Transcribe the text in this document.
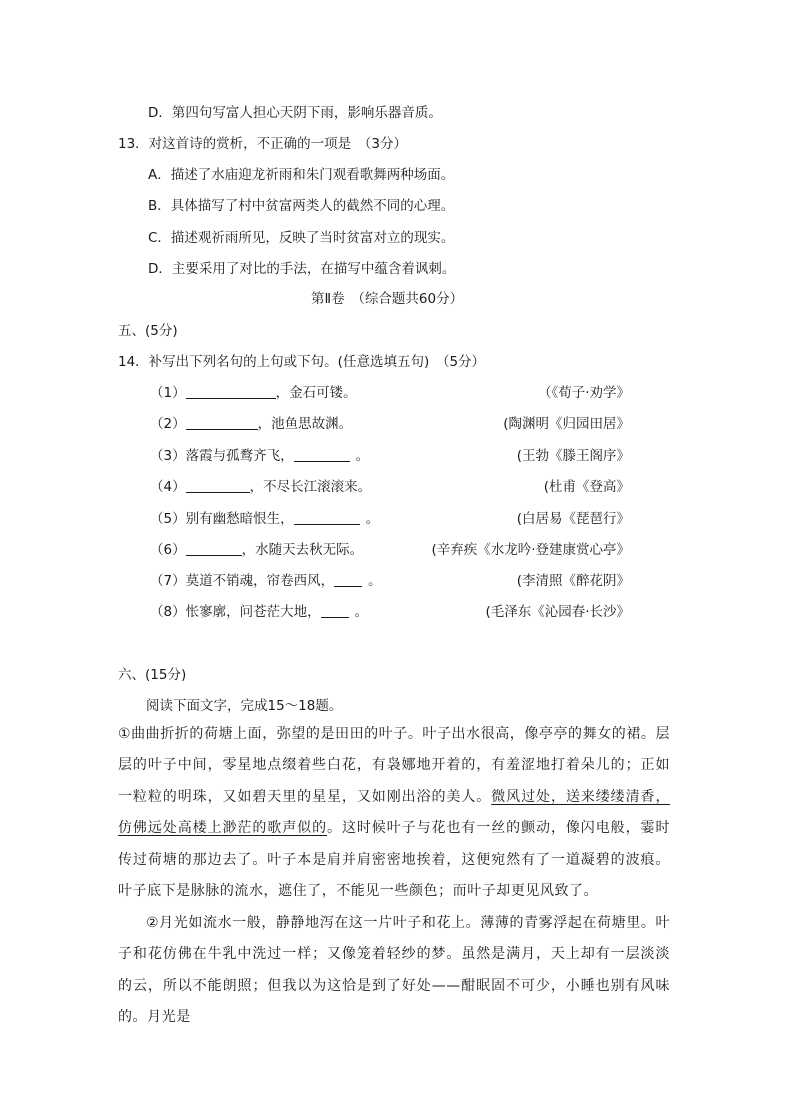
D．第四句写富人担心天阴下雨，影响乐器音质。
13．对这首诗的赏析，不正确的一项是　（3分）
A．描述了水庙迎龙祈雨和朱门观看歌舞两种场面。
B．具体描写了村中贫富两类人的截然不同的心理。
C．描述观祈雨所见，反映了当时贫富对立的现实。
D．主要采用了对比的手法，在描写中蕴含着讽刺。
第Ⅱ卷　（综合题共60分）
五、(5分)
14．补写出下列名句的上句或下句。(任意选填五句)　（5分）
（1）	，金石可镂。	（《荀子·劝学》
（2）	，池鱼思故渊。	(陶渊明《归园田居》
（3）落霞与孤鹜齐飞，	。	(王勃《滕王阁序》
（4）	，不尽长江滚滚来。	(杜甫《登高》
（5）别有幽愁暗恨生，	。	(白居易《琵琶行》
（6）	，水随天去秋无际。	(辛弃疾《水龙吟·登建康赏心亭》
（7）莫道不销魂，帘卷西风，	。	(李清照《醉花阴》
（8）怅寥廓，问苍茫大地，	。	(毛泽东《沁园春·长沙》
六、(15分)
阅读下面文字，完成15～18题。
①曲曲折折的荷塘上面，弥望的是田田的叶子。叶子出水很高，像亭亭的舞女的裙。层层的叶子中间，零星地点缀着些白花，有袅娜地开着的，有羞涩地打着朵儿的；正如一粒粒的明珠，又如碧天里的星星，又如刚出浴的美人。微风过处，送来缕缕清香，仿佛远处高楼上渺茫的歌声似的。这时候叶子与花也有一丝的颤动，像闪电般，霎时传过荷塘的那边去了。叶子本是肩并肩密密地挨着，这便宛然有了一道凝碧的波痕。叶子底下是脉脉的流水，遮住了，不能见一些颜色；而叶子却更见风致了。
②月光如流水一般，静静地泻在这一片叶子和花上。薄薄的青雾浮起在荷塘里。叶子和花仿佛在牛乳中洗过一样；又像笼着轻纱的梦。虽然是满月，天上却有一层淡淡的云，所以不能朗照；但我以为这恰是到了好处——酣眠固不可少，小睡也别有风味的。月光是
